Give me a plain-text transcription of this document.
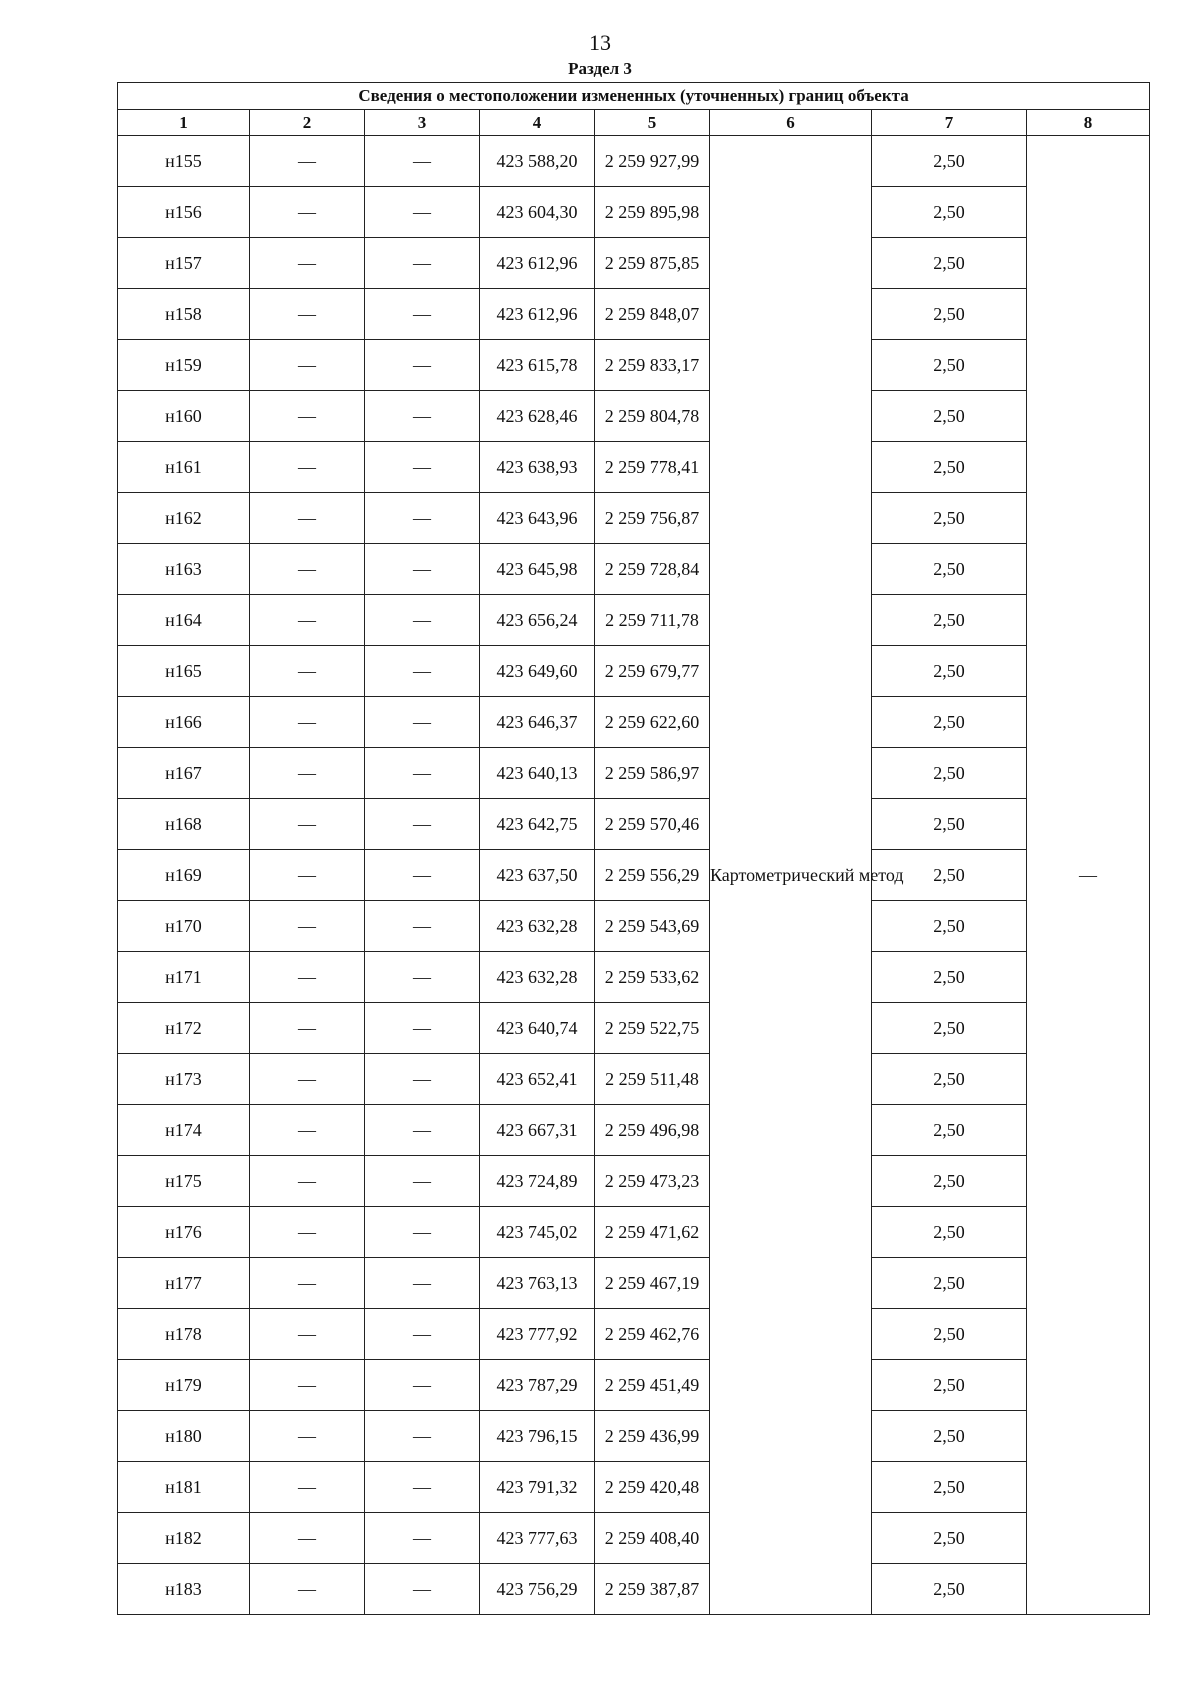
13
Раздел 3
Сведения о местоположении измененных (уточненных) границ объекта							
1	2	3	4	5	6	7	8
н155	—	—	423 588,20	2 259 927,99	Картометрический метод	2,50	—
н156	—	—	423 604,30	2 259 895,98		2,50	
н157	—	—	423 612,96	2 259 875,85		2,50	
н158	—	—	423 612,96	2 259 848,07		2,50	
н159	—	—	423 615,78	2 259 833,17		2,50	
н160	—	—	423 628,46	2 259 804,78		2,50	
н161	—	—	423 638,93	2 259 778,41		2,50	
н162	—	—	423 643,96	2 259 756,87		2,50	
н163	—	—	423 645,98	2 259 728,84		2,50	
н164	—	—	423 656,24	2 259 711,78		2,50	
н165	—	—	423 649,60	2 259 679,77		2,50	
н166	—	—	423 646,37	2 259 622,60		2,50	
н167	—	—	423 640,13	2 259 586,97		2,50	
н168	—	—	423 642,75	2 259 570,46		2,50	
н169	—	—	423 637,50	2 259 556,29		2,50	
н170	—	—	423 632,28	2 259 543,69		2,50	
н171	—	—	423 632,28	2 259 533,62		2,50	
н172	—	—	423 640,74	2 259 522,75		2,50	
н173	—	—	423 652,41	2 259 511,48		2,50	
н174	—	—	423 667,31	2 259 496,98		2,50	
н175	—	—	423 724,89	2 259 473,23		2,50	
н176	—	—	423 745,02	2 259 471,62		2,50	
н177	—	—	423 763,13	2 259 467,19		2,50	
н178	—	—	423 777,92	2 259 462,76		2,50	
н179	—	—	423 787,29	2 259 451,49		2,50	
н180	—	—	423 796,15	2 259 436,99		2,50	
н181	—	—	423 791,32	2 259 420,48		2,50	
н182	—	—	423 777,63	2 259 408,40		2,50	
н183	—	—	423 756,29	2 259 387,87		2,50	
